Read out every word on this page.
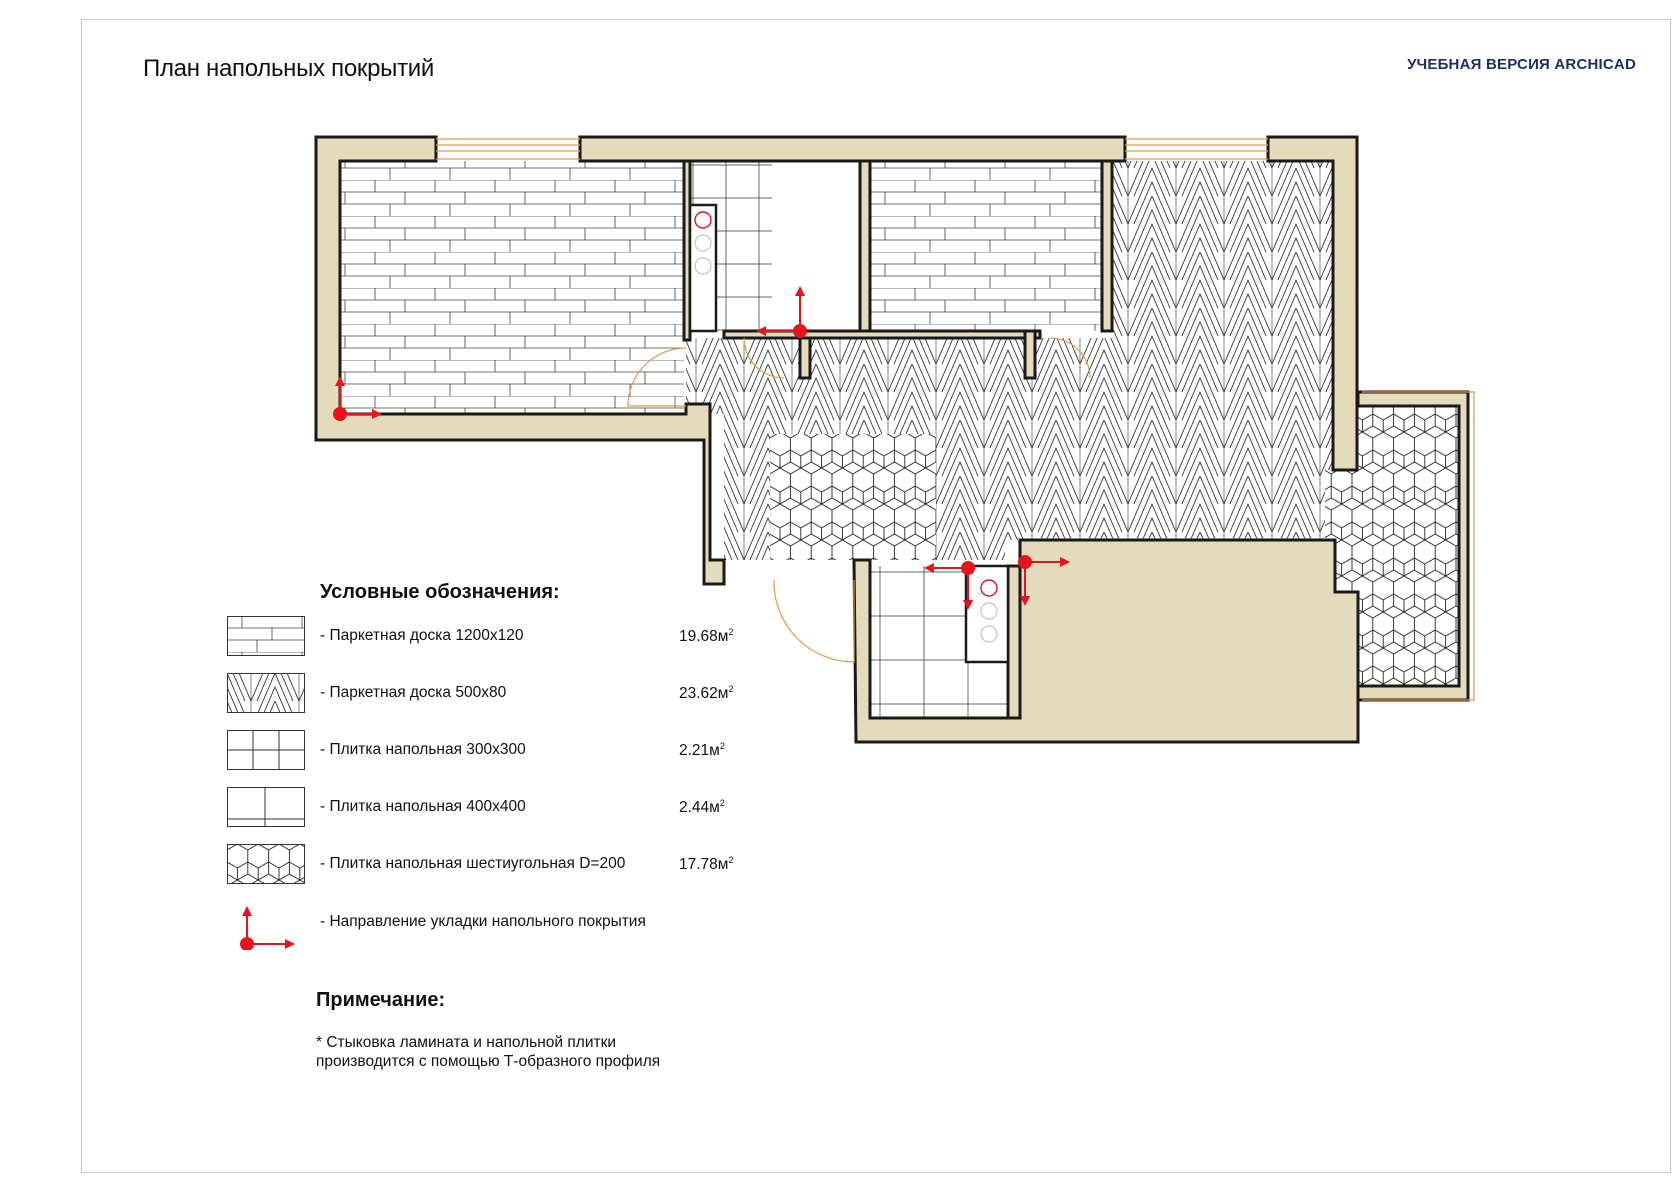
План напольных покрытий	УЧЕБНАЯ ВЕРСИЯ ARCHICAD
Условные обозначения:
- Паркетная доска 1200х120	$19.68м^2$
- Паркетная доска 500х80	$23.62м^2$
- Плитка напольная 300х300	$2.21м^2$
- Плитка напольная 400х400	$2.44м^2$
- Плитка напольная шестиугольная D=200	$17.78м^2$
- Направление укладки напольного покрытия
Примечание:
* Стыковка ламината и напольной плитки
производится с помощью Т-образного профиля
